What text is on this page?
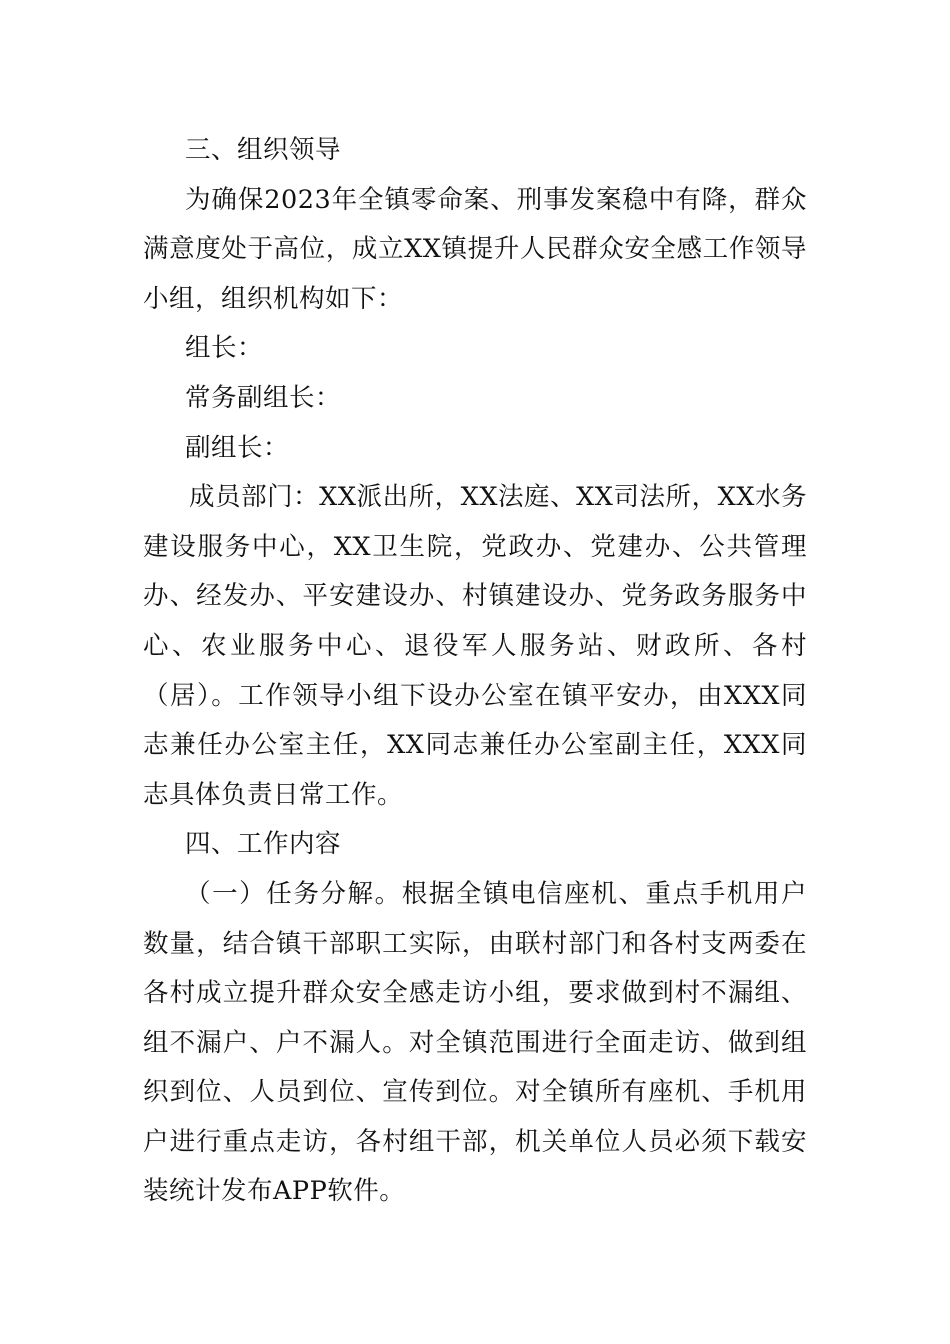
三、组织领导

为确保2023年全镇零命案、刑事发案稳中有降，群众满意度处于高位，成立XX镇提升人民群众安全感工作领导小组，组织机构如下：

组长：

常务副组长：

副组长：

成员部门：XX派出所，XX法庭、XX司法所，XX水务建设服务中心，XX卫生院，党政办、党建办、公共管理办、经发办、平安建设办、村镇建设办、党务政务服务中心、农业服务中心、退役军人服务站、财政所、各村（居）。工作领导小组下设办公室在镇平安办，由XXX同志兼任办公室主任，XX同志兼任办公室副主任，XXX同志具体负责日常工作。

四、工作内容

（一）任务分解。根据全镇电信座机、重点手机用户数量，结合镇干部职工实际，由联村部门和各村支两委在各村成立提升群众安全感走访小组，要求做到村不漏组、组不漏户、户不漏人。对全镇范围进行全面走访、做到组织到位、人员到位、宣传到位。对全镇所有座机、手机用户进行重点走访，各村组干部，机关单位人员必须下载安装统计发布APP软件。
